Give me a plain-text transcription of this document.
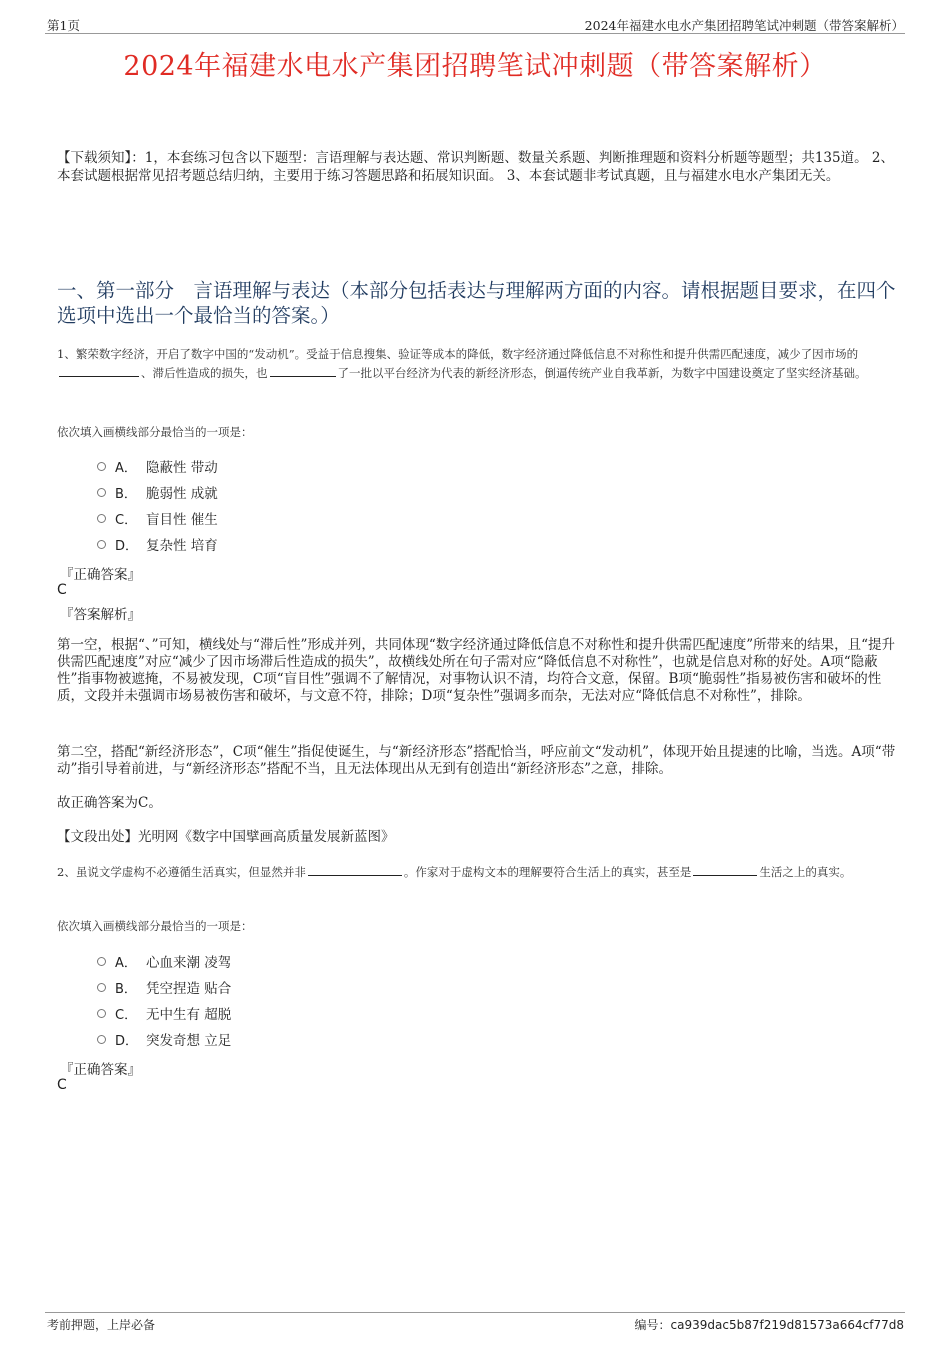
第1页	2024年福建水电水产集团招聘笔试冲刺题（带答案解析）
2024年福建水电水产集团招聘笔试冲刺题（带答案解析）
【下载须知】：1，本套练习包含以下题型：言语理解与表达题、常识判断题、数量关系题、判断推理题和资料分析题等题型；共135道。 2、本套试题根据常见招考题总结归纳，主要用于练习答题思路和拓展知识面。 3、本套试题非考试真题，且与福建水电水产集团无关。
一、第一部分　言语理解与表达（本部分包括表达与理解两方面的内容。请根据题目要求，在四个选项中选出一个最恰当的答案。）
1、繁荣数字经济，开启了数字中国的“发动机”。受益于信息搜集、验证等成本的降低，数字经济通过降低信息不对称性和提升供需匹配速度，减少了因市场的、滞后性造成的损失，也	了一批以平台经济为代表的新经济形态，倒逼传统产业自我革新，为数字中国建设奠定了坚实经济基础。
依次填入画横线部分最恰当的一项是：
A． 隐蔽性 带动
B． 脆弱性 成就
C． 盲目性 催生
D． 复杂性 培育
『正确答案』
C
『答案解析』
第一空，根据“、”可知，横线处与“滞后性”形成并列，共同体现“数字经济通过降低信息不对称性和提升供需匹配速度”所带来的结果，且“提升供需匹配速度”对应“减少了因市场滞后性造成的损失”，故横线处所在句子需对应“降低信息不对称性”，也就是信息对称的好处。A项“隐蔽性”指事物被遮掩，不易被发现，C项“盲目性”强调不了解情况，对事物认识不清，均符合文意，保留。B项“脆弱性”指易被伤害和破坏的性质，文段并未强调市场易被伤害和破坏，与文意不符，排除；D项“复杂性”强调多而杂，无法对应“降低信息不对称性”，排除。
第二空，搭配“新经济形态”，C项“催生”指促使诞生，与“新经济形态”搭配恰当，呼应前文“发动机”，体现开始且提速的比喻，当选。A项“带动”指引导着前进，与“新经济形态”搭配不当，且无法体现出从无到有创造出“新经济形态”之意，排除。
故正确答案为C。
【文段出处】光明网《数字中国擘画高质量发展新蓝图》
2、虽说文学虚构不必遵循生活真实，但显然并非	。作家对于虚构文本的理解要符合生活上的真实，甚至是	生活之上的真实。
依次填入画横线部分最恰当的一项是：
A． 心血来潮 凌驾
B． 凭空捏造 贴合
C． 无中生有 超脱
D． 突发奇想 立足
『正确答案』
C
考前押题，上岸必备	编号：ca939dac5b87f219d81573a664cf77d8
